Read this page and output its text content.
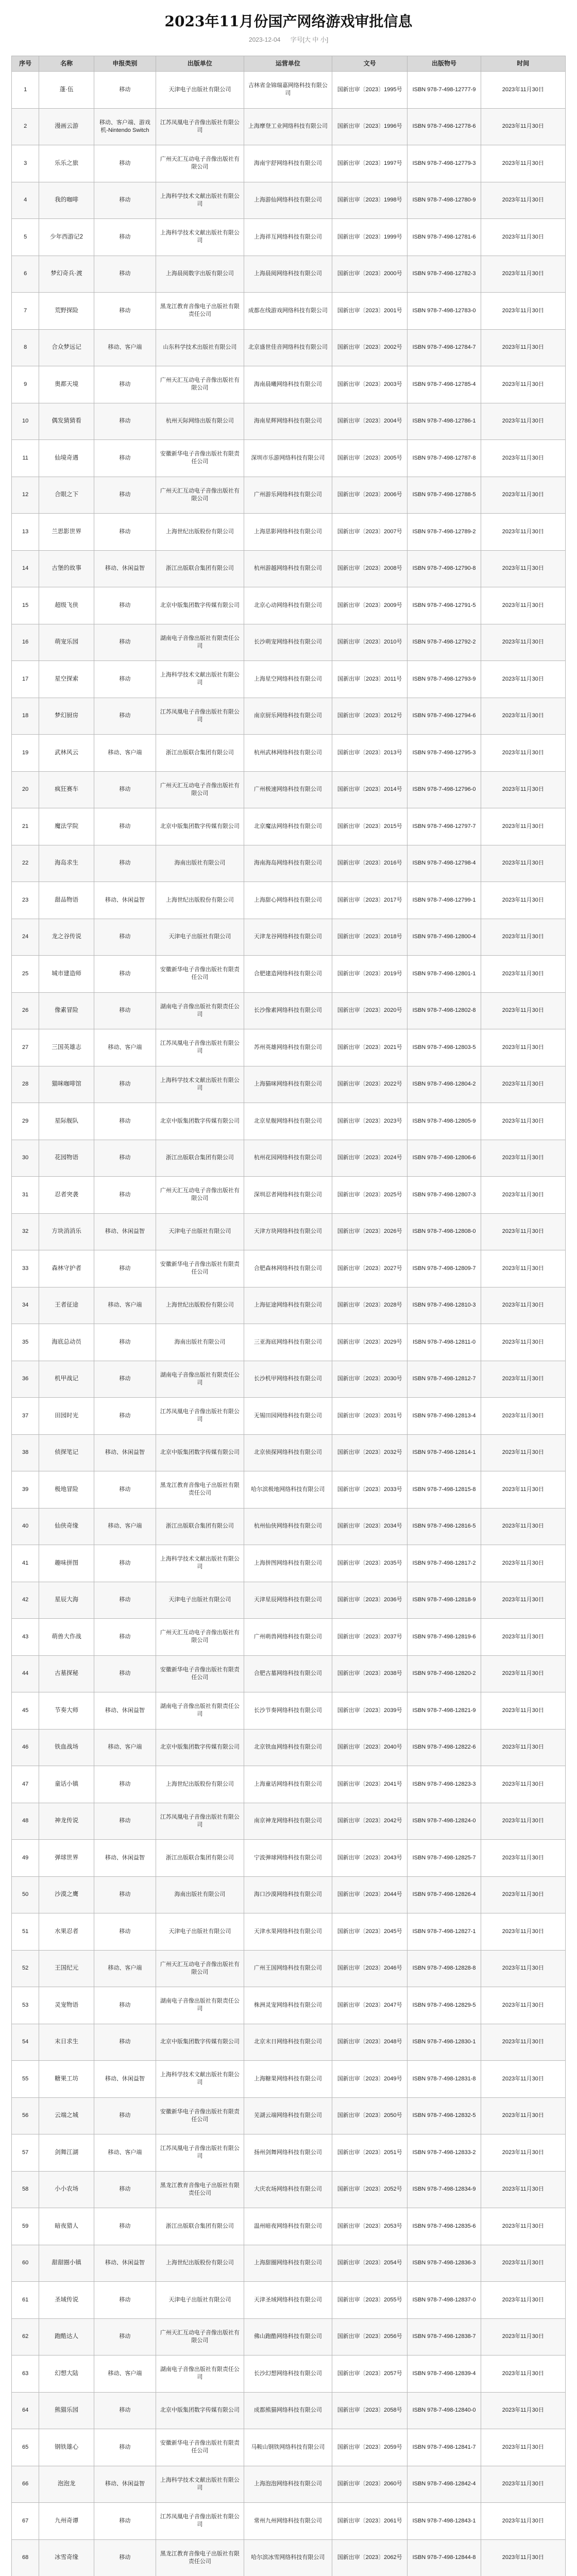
2023年11月份国产网络游戏审批信息
2023-12-04 字号[大 中 小]
序号	名称	申报类别	出版单位	运营单位	文号	出版物号	时间
1	蓬·伍	移动	天津电子出版社有限公司	吉林省金锦瑞嘉网络科技有限公司	国新出审〔2023〕1995号	ISBN 978-7-498-12777-9	2023年11月30日
2	漫画云游	移动、客户端、游戏机-Nintendo Switch	江苏凤凰电子音像出版社有限公司	上海摩登工业网络科技有限公司	国新出审〔2023〕1996号	ISBN 978-7-498-12778-6	2023年11月30日
3	乐乐之旅	移动	广州天汇互动电子音像出版社有限公司	海南宇舒网络科技有限公司	国新出审〔2023〕1997号	ISBN 978-7-498-12779-3	2023年11月30日
4	我的咖啡	移动	上海科学技术文献出版社有限公司	上海游仙网络科技有限公司	国新出审〔2023〕1998号	ISBN 978-7-498-12780-9	2023年11月30日
5	少年西游记2	移动	上海科学技术文献出版社有限公司	上海祥互网络科技有限公司	国新出审〔2023〕1999号	ISBN 978-7-498-12781-6	2023年11月30日
6	梦幻奇兵·渡	移动	上海晨阅数字出版有限公司	上海晨阅网络科技有限公司	国新出审〔2023〕2000号	ISBN 978-7-498-12782-3	2023年11月30日
7	荒野探险	移动	黑龙江教育音像电子出版社有限责任公司	成都在线游戏网络科技有限公司	国新出审〔2023〕2001号	ISBN 978-7-498-12783-0	2023年11月30日
8	合众梦远记	移动、客户端	山东科学技术出版社有限公司	北京盛世佳音网络科技有限公司	国新出审〔2023〕2002号	ISBN 978-7-498-12784-7	2023年11月30日
9	奥都天境	移动	广州天汇互动电子音像出版社有限公司	海南晨曦网络科技有限公司	国新出审〔2023〕2003号	ISBN 978-7-498-12785-4	2023年11月30日
10	偶发猜猜看	移动	杭州天际网络出版有限公司	海南星辉网络科技有限公司	国新出审〔2023〕2004号	ISBN 978-7-498-12786-1	2023年11月30日
11	仙境奇遇	移动	安徽新华电子音像出版社有限责任公司	深圳市乐游网络科技有限公司	国新出审〔2023〕2005号	ISBN 978-7-498-12787-8	2023年11月30日
12	合眼之下	移动	广州天汇互动电子音像出版社有限公司	广州游乐网络科技有限公司	国新出审〔2023〕2006号	ISBN 978-7-498-12788-5	2023年11月30日
13	兰思影世界	移动	上海世纪出版股份有限公司	上海思影网络科技有限公司	国新出审〔2023〕2007号	ISBN 978-7-498-12789-2	2023年11月30日
14	古堡的故事	移动、休闲益智	浙江出版联合集团有限公司	杭州游越网络科技有限公司	国新出审〔2023〕2008号	ISBN 978-7-498-12790-8	2023年11月30日
15	超级飞侠	移动	北京中版集团数字传媒有限公司	北京心动网络科技有限公司	国新出审〔2023〕2009号	ISBN 978-7-498-12791-5	2023年11月30日
16	萌宠乐园	移动	湖南电子音像出版社有限责任公司	长沙萌宠网络科技有限公司	国新出审〔2023〕2010号	ISBN 978-7-498-12792-2	2023年11月30日
17	星空探索	移动	上海科学技术文献出版社有限公司	上海星空网络科技有限公司	国新出审〔2023〕2011号	ISBN 978-7-498-12793-9	2023年11月30日
18	梦幻厨房	移动	江苏凤凰电子音像出版社有限公司	南京厨乐网络科技有限公司	国新出审〔2023〕2012号	ISBN 978-7-498-12794-6	2023年11月30日
19	武林风云	移动、客户端	浙江出版联合集团有限公司	杭州武林网络科技有限公司	国新出审〔2023〕2013号	ISBN 978-7-498-12795-3	2023年11月30日
20	疯狂赛车	移动	广州天汇互动电子音像出版社有限公司	广州极速网络科技有限公司	国新出审〔2023〕2014号	ISBN 978-7-498-12796-0	2023年11月30日
21	魔法学院	移动	北京中版集团数字传媒有限公司	北京魔法网络科技有限公司	国新出审〔2023〕2015号	ISBN 978-7-498-12797-7	2023年11月30日
22	海岛求生	移动	海南出版社有限公司	海南海岛网络科技有限公司	国新出审〔2023〕2016号	ISBN 978-7-498-12798-4	2023年11月30日
23	甜品物语	移动、休闲益智	上海世纪出版股份有限公司	上海甜心网络科技有限公司	国新出审〔2023〕2017号	ISBN 978-7-498-12799-1	2023年11月30日
24	龙之谷传说	移动	天津电子出版社有限公司	天津龙谷网络科技有限公司	国新出审〔2023〕2018号	ISBN 978-7-498-12800-4	2023年11月30日
25	城市建造师	移动	安徽新华电子音像出版社有限责任公司	合肥建造网络科技有限公司	国新出审〔2023〕2019号	ISBN 978-7-498-12801-1	2023年11月30日
26	像素冒险	移动	湖南电子音像出版社有限责任公司	长沙像素网络科技有限公司	国新出审〔2023〕2020号	ISBN 978-7-498-12802-8	2023年11月30日
27	三国英雄志	移动、客户端	江苏凤凰电子音像出版社有限公司	苏州英雄网络科技有限公司	国新出审〔2023〕2021号	ISBN 978-7-498-12803-5	2023年11月30日
28	猫咪咖啡馆	移动	上海科学技术文献出版社有限公司	上海猫咪网络科技有限公司	国新出审〔2023〕2022号	ISBN 978-7-498-12804-2	2023年11月30日
29	星际舰队	移动	北京中版集团数字传媒有限公司	北京星舰网络科技有限公司	国新出审〔2023〕2023号	ISBN 978-7-498-12805-9	2023年11月30日
30	花园物语	移动	浙江出版联合集团有限公司	杭州花园网络科技有限公司	国新出审〔2023〕2024号	ISBN 978-7-498-12806-6	2023年11月30日
31	忍者突袭	移动	广州天汇互动电子音像出版社有限公司	深圳忍者网络科技有限公司	国新出审〔2023〕2025号	ISBN 978-7-498-12807-3	2023年11月30日
32	方块消消乐	移动、休闲益智	天津电子出版社有限公司	天津方块网络科技有限公司	国新出审〔2023〕2026号	ISBN 978-7-498-12808-0	2023年11月30日
33	森林守护者	移动	安徽新华电子音像出版社有限责任公司	合肥森林网络科技有限公司	国新出审〔2023〕2027号	ISBN 978-7-498-12809-7	2023年11月30日
34	王者征途	移动、客户端	上海世纪出版股份有限公司	上海征途网络科技有限公司	国新出审〔2023〕2028号	ISBN 978-7-498-12810-3	2023年11月30日
35	海底总动员	移动	海南出版社有限公司	三亚海底网络科技有限公司	国新出审〔2023〕2029号	ISBN 978-7-498-12811-0	2023年11月30日
36	机甲战记	移动	湖南电子音像出版社有限责任公司	长沙机甲网络科技有限公司	国新出审〔2023〕2030号	ISBN 978-7-498-12812-7	2023年11月30日
37	田园时光	移动	江苏凤凰电子音像出版社有限公司	无锡田园网络科技有限公司	国新出审〔2023〕2031号	ISBN 978-7-498-12813-4	2023年11月30日
38	侦探笔记	移动、休闲益智	北京中版集团数字传媒有限公司	北京侦探网络科技有限公司	国新出审〔2023〕2032号	ISBN 978-7-498-12814-1	2023年11月30日
39	极地冒险	移动	黑龙江教育音像电子出版社有限责任公司	哈尔滨极地网络科技有限公司	国新出审〔2023〕2033号	ISBN 978-7-498-12815-8	2023年11月30日
40	仙侠奇缘	移动、客户端	浙江出版联合集团有限公司	杭州仙侠网络科技有限公司	国新出审〔2023〕2034号	ISBN 978-7-498-12816-5	2023年11月30日
41	趣味拼图	移动	上海科学技术文献出版社有限公司	上海拼图网络科技有限公司	国新出审〔2023〕2035号	ISBN 978-7-498-12817-2	2023年11月30日
42	星辰大海	移动	天津电子出版社有限公司	天津星辰网络科技有限公司	国新出审〔2023〕2036号	ISBN 978-7-498-12818-9	2023年11月30日
43	萌兽大作战	移动	广州天汇互动电子音像出版社有限公司	广州萌兽网络科技有限公司	国新出审〔2023〕2037号	ISBN 978-7-498-12819-6	2023年11月30日
44	古墓探秘	移动	安徽新华电子音像出版社有限责任公司	合肥古墓网络科技有限公司	国新出审〔2023〕2038号	ISBN 978-7-498-12820-2	2023年11月30日
45	节奏大师	移动、休闲益智	湖南电子音像出版社有限责任公司	长沙节奏网络科技有限公司	国新出审〔2023〕2039号	ISBN 978-7-498-12821-9	2023年11月30日
46	铁血战场	移动、客户端	北京中版集团数字传媒有限公司	北京铁血网络科技有限公司	国新出审〔2023〕2040号	ISBN 978-7-498-12822-6	2023年11月30日
47	童话小镇	移动	上海世纪出版股份有限公司	上海童话网络科技有限公司	国新出审〔2023〕2041号	ISBN 978-7-498-12823-3	2023年11月30日
48	神龙传说	移动	江苏凤凰电子音像出版社有限公司	南京神龙网络科技有限公司	国新出审〔2023〕2042号	ISBN 978-7-498-12824-0	2023年11月30日
49	弹球世界	移动、休闲益智	浙江出版联合集团有限公司	宁波弹球网络科技有限公司	国新出审〔2023〕2043号	ISBN 978-7-498-12825-7	2023年11月30日
50	沙漠之鹰	移动	海南出版社有限公司	海口沙漠网络科技有限公司	国新出审〔2023〕2044号	ISBN 978-7-498-12826-4	2023年11月30日
51	水果忍者	移动	天津电子出版社有限公司	天津水果网络科技有限公司	国新出审〔2023〕2045号	ISBN 978-7-498-12827-1	2023年11月30日
52	王国纪元	移动、客户端	广州天汇互动电子音像出版社有限公司	广州王国网络科技有限公司	国新出审〔2023〕2046号	ISBN 978-7-498-12828-8	2023年11月30日
53	灵宠物语	移动	湖南电子音像出版社有限责任公司	株洲灵宠网络科技有限公司	国新出审〔2023〕2047号	ISBN 978-7-498-12829-5	2023年11月30日
54	末日求生	移动	北京中版集团数字传媒有限公司	北京末日网络科技有限公司	国新出审〔2023〕2048号	ISBN 978-7-498-12830-1	2023年11月30日
55	糖果工坊	移动、休闲益智	上海科学技术文献出版社有限公司	上海糖果网络科技有限公司	国新出审〔2023〕2049号	ISBN 978-7-498-12831-8	2023年11月30日
56	云端之城	移动	安徽新华电子音像出版社有限责任公司	芜湖云端网络科技有限公司	国新出审〔2023〕2050号	ISBN 978-7-498-12832-5	2023年11月30日
57	剑舞江湖	移动、客户端	江苏凤凰电子音像出版社有限公司	扬州剑舞网络科技有限公司	国新出审〔2023〕2051号	ISBN 978-7-498-12833-2	2023年11月30日
58	小小农场	移动	黑龙江教育音像电子出版社有限责任公司	大庆农场网络科技有限公司	国新出审〔2023〕2052号	ISBN 978-7-498-12834-9	2023年11月30日
59	暗夜猎人	移动	浙江出版联合集团有限公司	温州暗夜网络科技有限公司	国新出审〔2023〕2053号	ISBN 978-7-498-12835-6	2023年11月30日
60	甜甜圈小镇	移动、休闲益智	上海世纪出版股份有限公司	上海甜圈网络科技有限公司	国新出审〔2023〕2054号	ISBN 978-7-498-12836-3	2023年11月30日
61	圣域传说	移动	天津电子出版社有限公司	天津圣域网络科技有限公司	国新出审〔2023〕2055号	ISBN 978-7-498-12837-0	2023年11月30日
62	跑酷达人	移动	广州天汇互动电子音像出版社有限公司	佛山跑酷网络科技有限公司	国新出审〔2023〕2056号	ISBN 978-7-498-12838-7	2023年11月30日
63	幻想大陆	移动、客户端	湖南电子音像出版社有限责任公司	长沙幻想网络科技有限公司	国新出审〔2023〕2057号	ISBN 978-7-498-12839-4	2023年11月30日
64	熊猫乐园	移动	北京中版集团数字传媒有限公司	成都熊猫网络科技有限公司	国新出审〔2023〕2058号	ISBN 978-7-498-12840-0	2023年11月30日
65	钢铁雄心	移动	安徽新华电子音像出版社有限责任公司	马鞍山钢铁网络科技有限公司	国新出审〔2023〕2059号	ISBN 978-7-498-12841-7	2023年11月30日
66	泡泡龙	移动、休闲益智	上海科学技术文献出版社有限公司	上海泡泡网络科技有限公司	国新出审〔2023〕2060号	ISBN 978-7-498-12842-4	2023年11月30日
67	九州奇谭	移动	江苏凤凰电子音像出版社有限公司	常州九州网络科技有限公司	国新出审〔2023〕2061号	ISBN 978-7-498-12843-1	2023年11月30日
68	冰雪奇缘	移动	黑龙江教育音像电子出版社有限责任公司	哈尔滨冰雪网络科技有限公司	国新出审〔2023〕2062号	ISBN 978-7-498-12844-8	2023年11月30日
